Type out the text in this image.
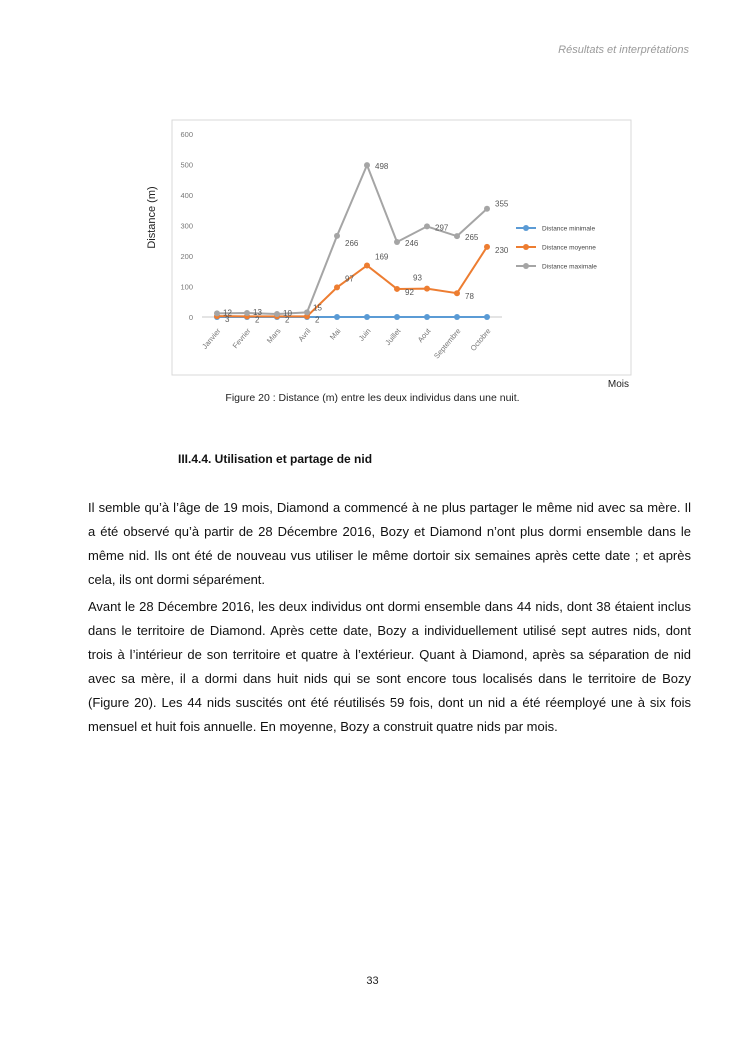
Résultats et interprétations
Distance (m)
0
100
200
300
400
500
600
Janvier Fevrier Mars Avril Mai Juin Juillet Aout Septembre Octobre
Mois
3	2	2	2
97
169
92
93
78
230
12	13	10
15
266
498
246
297
265
355
Distance minimale
Distance moyenne
Distance maximale
Figure 20 : Distance (m) entre les deux individus dans une nuit.
III.4.4. Utilisation et partage de nid

Il semble qu’à l’âge de 19 mois, Diamond a commencé à ne plus partager le même nid avec sa mère. Il a été observé qu’à partir de 28 Décembre 2016, Bozy et Diamond n’ont plus dormi ensemble dans le même nid. Ils ont été de nouveau vus utiliser le même dortoir six semaines après cette date ; et après cela, ils ont dormi séparément.

Avant le 28 Décembre 2016, les deux individus ont dormi ensemble dans 44 nids, dont 38 étaient inclus dans le territoire de Diamond. Après cette date, Bozy a individuellement utilisé sept autres nids, dont trois à l’intérieur de son territoire et quatre à l’extérieur. Quant à Diamond, après sa séparation de nid avec sa mère, il a dormi dans huit nids qui se sont encore tous localisés dans le territoire de Bozy (Figure 20). Les 44 nids suscités ont été réutilisés 59 fois, dont un nid a été réemployé une à six fois mensuel et huit fois annuelle. En moyenne, Bozy a construit quatre nids par mois.

33
